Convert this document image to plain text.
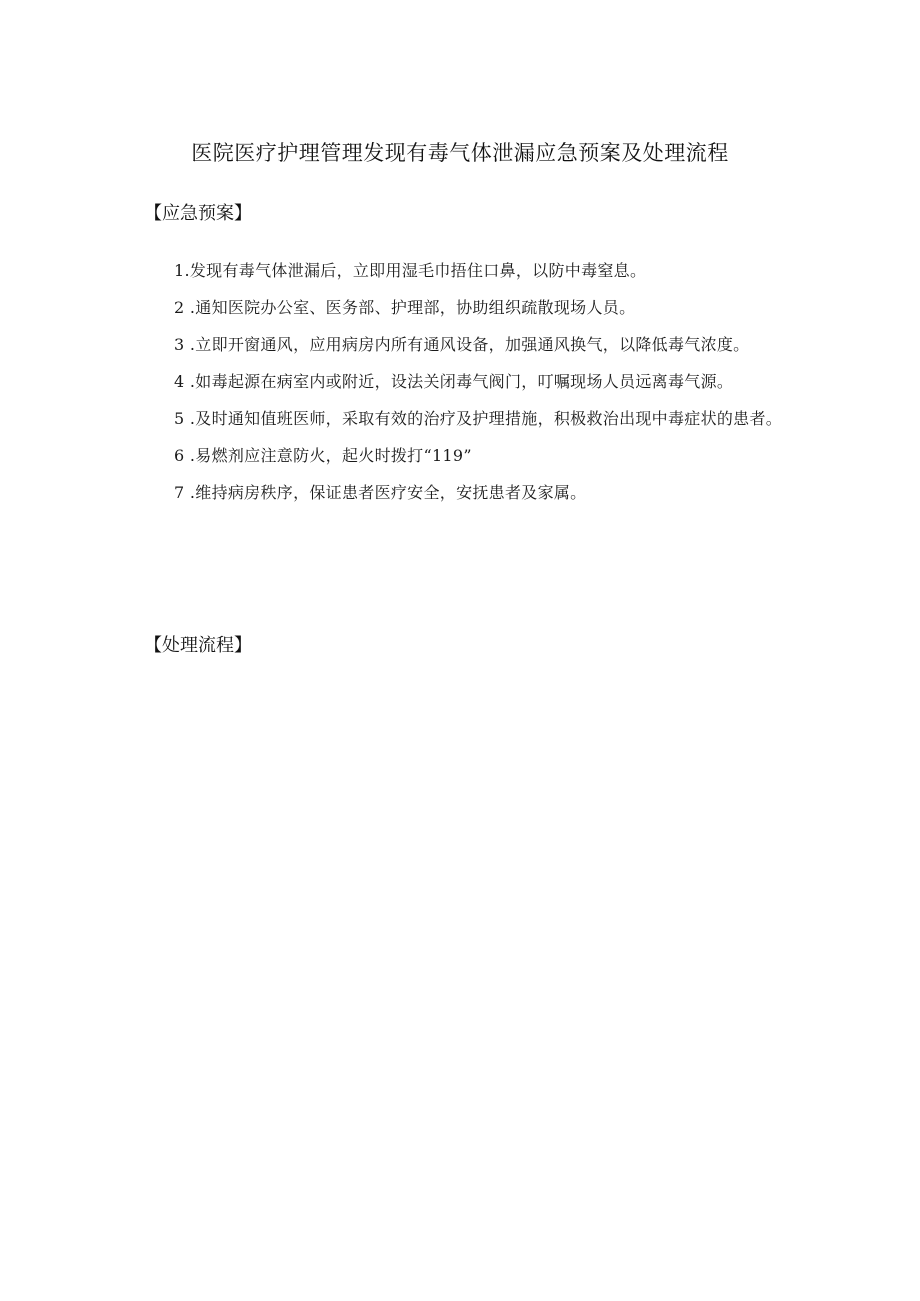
医院医疗护理管理发现有毒气体泄漏应急预案及处理流程
【应急预案】
1.发现有毒气体泄漏后，立即用湿毛巾捂住口鼻，以防中毒窒息。
2 .通知医院办公室、医务部、护理部，协助组织疏散现场人员。
3 .立即开窗通风，应用病房内所有通风设备，加强通风换气，以降低毒气浓度。
4 .如毒起源在病室内或附近，设法关闭毒气阀门，叮嘱现场人员远离毒气源。
5 .及时通知值班医师，采取有效的治疗及护理措施，积极救治出现中毒症状的患者。
6 .易燃剂应注意防火，起火时拨打“119”
7 .维持病房秩序，保证患者医疗安全，安抚患者及家属。
【处理流程】
